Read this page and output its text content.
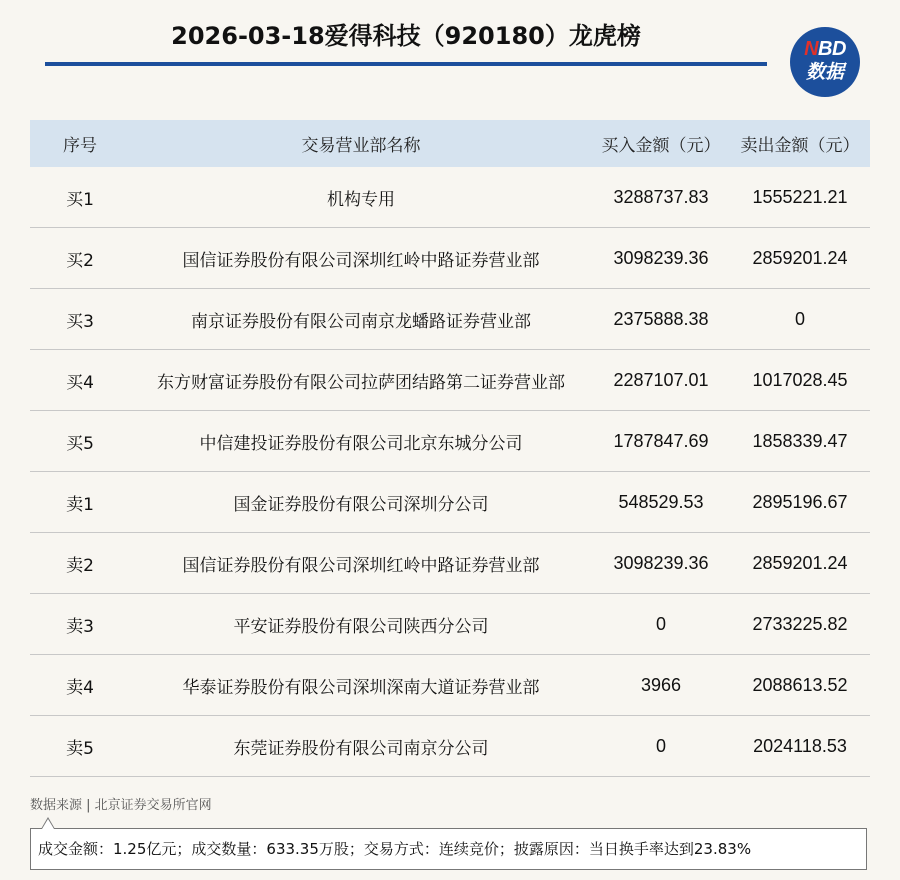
2026-03-18爱得科技（920180）龙虎榜	NBD
数据
序号	交易营业部名称	买入金额（元）	卖出金额（元）
买1	机构专用	3288737.83	1555221.21
买2	国信证券股份有限公司深圳红岭中路证券营业部	3098239.36	2859201.24
买3	南京证券股份有限公司南京龙蟠路证券营业部	2375888.38	0
买4	东方财富证券股份有限公司拉萨团结路第二证券营业部	2287107.01	1017028.45
买5	中信建投证券股份有限公司北京东城分公司	1787847.69	1858339.47
卖1	国金证券股份有限公司深圳分公司	548529.53	2895196.67
卖2	国信证券股份有限公司深圳红岭中路证券营业部	3098239.36	2859201.24
卖3	平安证券股份有限公司陕西分公司	0	2733225.82
卖4	华泰证券股份有限公司深圳深南大道证券营业部	3966	2088613.52
卖5	东莞证券股份有限公司南京分公司	0	2024118.53
数据来源 | 北京证券交易所官网
成交金额：1.25亿元；成交数量：633.35万股；交易方式：连续竞价；披露原因：当日换手率达到23.83%
